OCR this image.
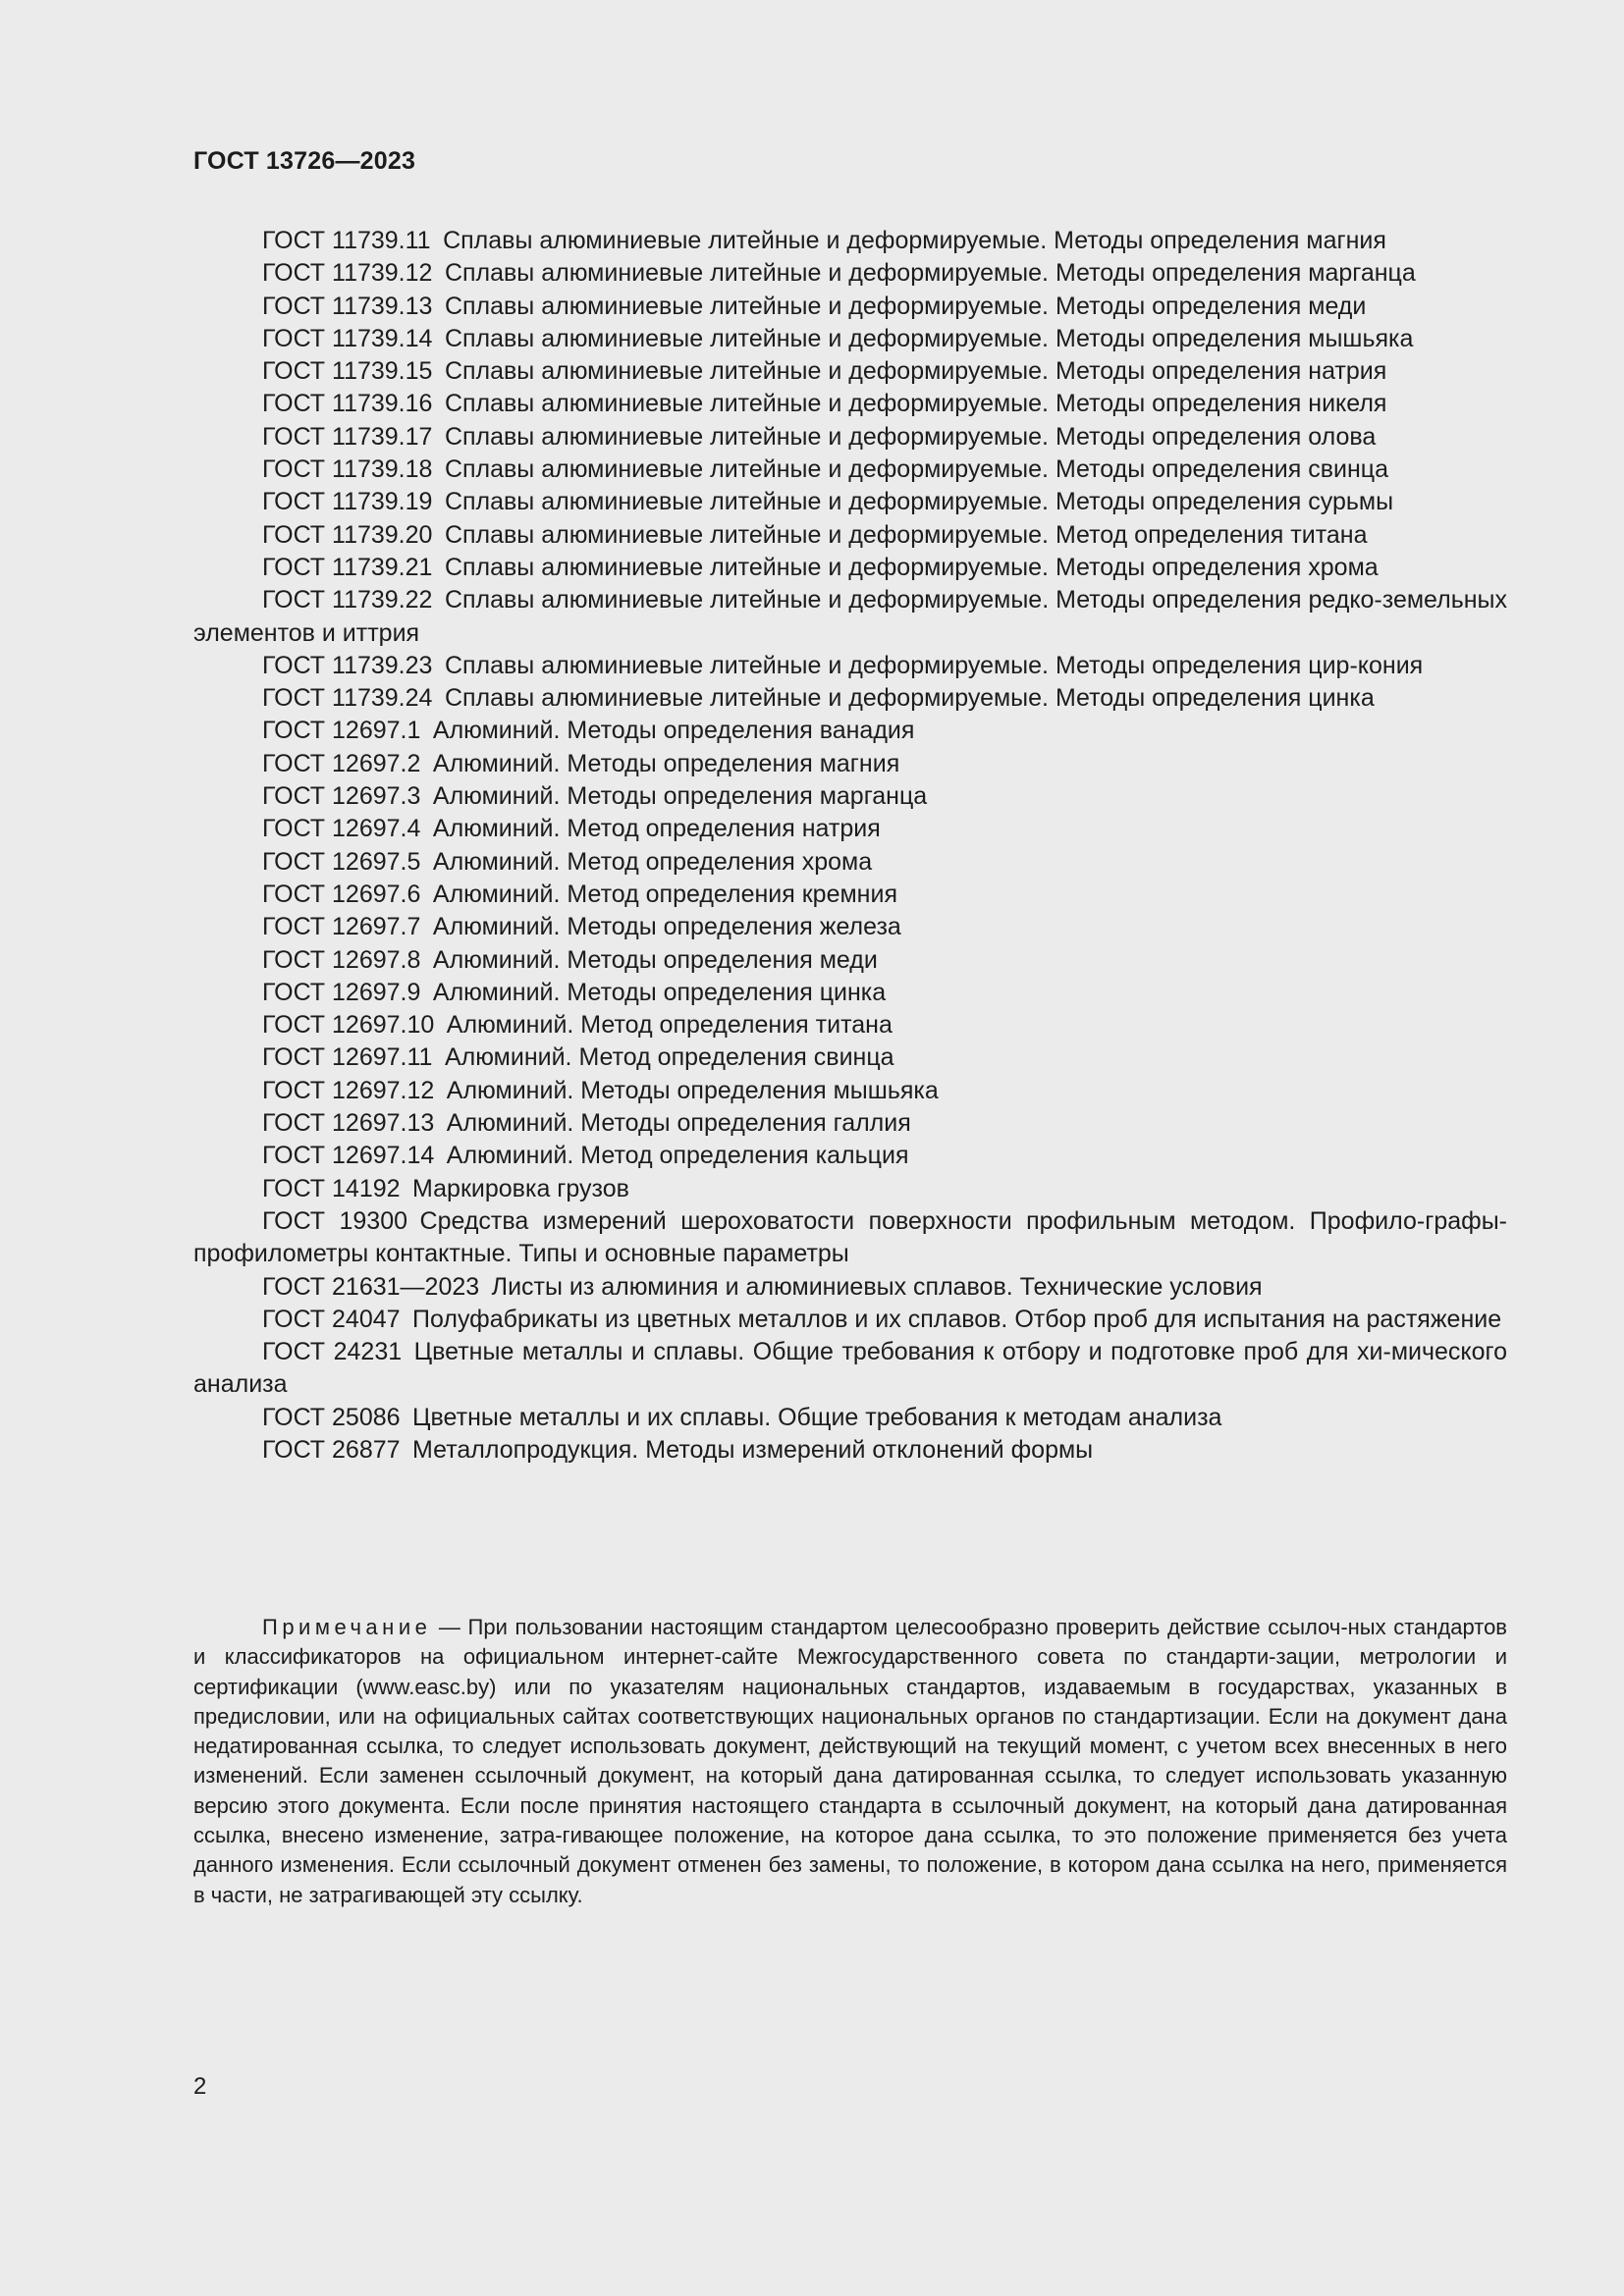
ГОСТ 13726—2023
ГОСТ 11739.11  Сплавы алюминиевые литейные и деформируемые. Методы определения магния
ГОСТ 11739.12  Сплавы алюминиевые литейные и деформируемые. Методы определения марганца
ГОСТ 11739.13  Сплавы алюминиевые литейные и деформируемые. Методы определения меди
ГОСТ 11739.14  Сплавы алюминиевые литейные и деформируемые. Методы определения мышьяка
ГОСТ 11739.15  Сплавы алюминиевые литейные и деформируемые. Методы определения натрия
ГОСТ 11739.16  Сплавы алюминиевые литейные и деформируемые. Методы определения никеля
ГОСТ 11739.17  Сплавы алюминиевые литейные и деформируемые. Методы определения олова
ГОСТ 11739.18  Сплавы алюминиевые литейные и деформируемые. Методы определения свинца
ГОСТ 11739.19  Сплавы алюминиевые литейные и деформируемые. Методы определения сурьмы
ГОСТ 11739.20  Сплавы алюминиевые литейные и деформируемые. Метод определения титана
ГОСТ 11739.21  Сплавы алюминиевые литейные и деформируемые. Методы определения хрома
ГОСТ 11739.22  Сплавы алюминиевые литейные и деформируемые. Методы определения редко-земельных элементов и иттрия
ГОСТ 11739.23  Сплавы алюминиевые литейные и деформируемые. Методы определения цир-кония
ГОСТ 11739.24  Сплавы алюминиевые литейные и деформируемые. Методы определения цинка
ГОСТ 12697.1  Алюминий. Методы определения ванадия
ГОСТ 12697.2  Алюминий. Методы определения магния
ГОСТ 12697.3  Алюминий. Методы определения марганца
ГОСТ 12697.4  Алюминий. Метод определения натрия
ГОСТ 12697.5  Алюминий. Метод определения хрома
ГОСТ 12697.6  Алюминий. Метод определения кремния
ГОСТ 12697.7  Алюминий. Методы определения железа
ГОСТ 12697.8  Алюминий. Методы определения меди
ГОСТ 12697.9  Алюминий. Методы определения цинка
ГОСТ 12697.10  Алюминий. Метод определения титана
ГОСТ 12697.11  Алюминий. Метод определения свинца
ГОСТ 12697.12  Алюминий. Методы определения мышьяка
ГОСТ 12697.13  Алюминий. Методы определения галлия
ГОСТ 12697.14  Алюминий. Метод определения кальция
ГОСТ 14192  Маркировка грузов
ГОСТ 19300  Средства измерений шероховатости поверхности профильным методом. Профило-графы-профилометры контактные. Типы и основные параметры
ГОСТ 21631—2023  Листы из алюминия и алюминиевых сплавов. Технические условия
ГОСТ 24047  Полуфабрикаты из цветных металлов и их сплавов. Отбор проб для испытания на растяжение
ГОСТ 24231  Цветные металлы и сплавы. Общие требования к отбору и подготовке проб для хи-мического анализа
ГОСТ 25086  Цветные металлы и их сплавы. Общие требования к методам анализа
ГОСТ 26877  Металлопродукция. Методы измерений отклонений формы
Примечание — При пользовании настоящим стандартом целесообразно проверить действие ссылоч-ных стандартов и классификаторов на официальном интернет-сайте Межгосударственного совета по стандарти-зации, метрологии и сертификации (www.easc.by) или по указателям национальных стандартов, издаваемым в государствах, указанных в предисловии, или на официальных сайтах соответствующих национальных органов по стандартизации. Если на документ дана недатированная ссылка, то следует использовать документ, действующий на текущий момент, с учетом всех внесенных в него изменений. Если заменен ссылочный документ, на который дана датированная ссылка, то следует использовать указанную версию этого документа. Если после принятия настоящего стандарта в ссылочный документ, на который дана датированная ссылка, внесено изменение, затра-гивающее положение, на которое дана ссылка, то это положение применяется без учета данного изменения. Если ссылочный документ отменен без замены, то положение, в котором дана ссылка на него, применяется в части, не затрагивающей эту ссылку.
2
